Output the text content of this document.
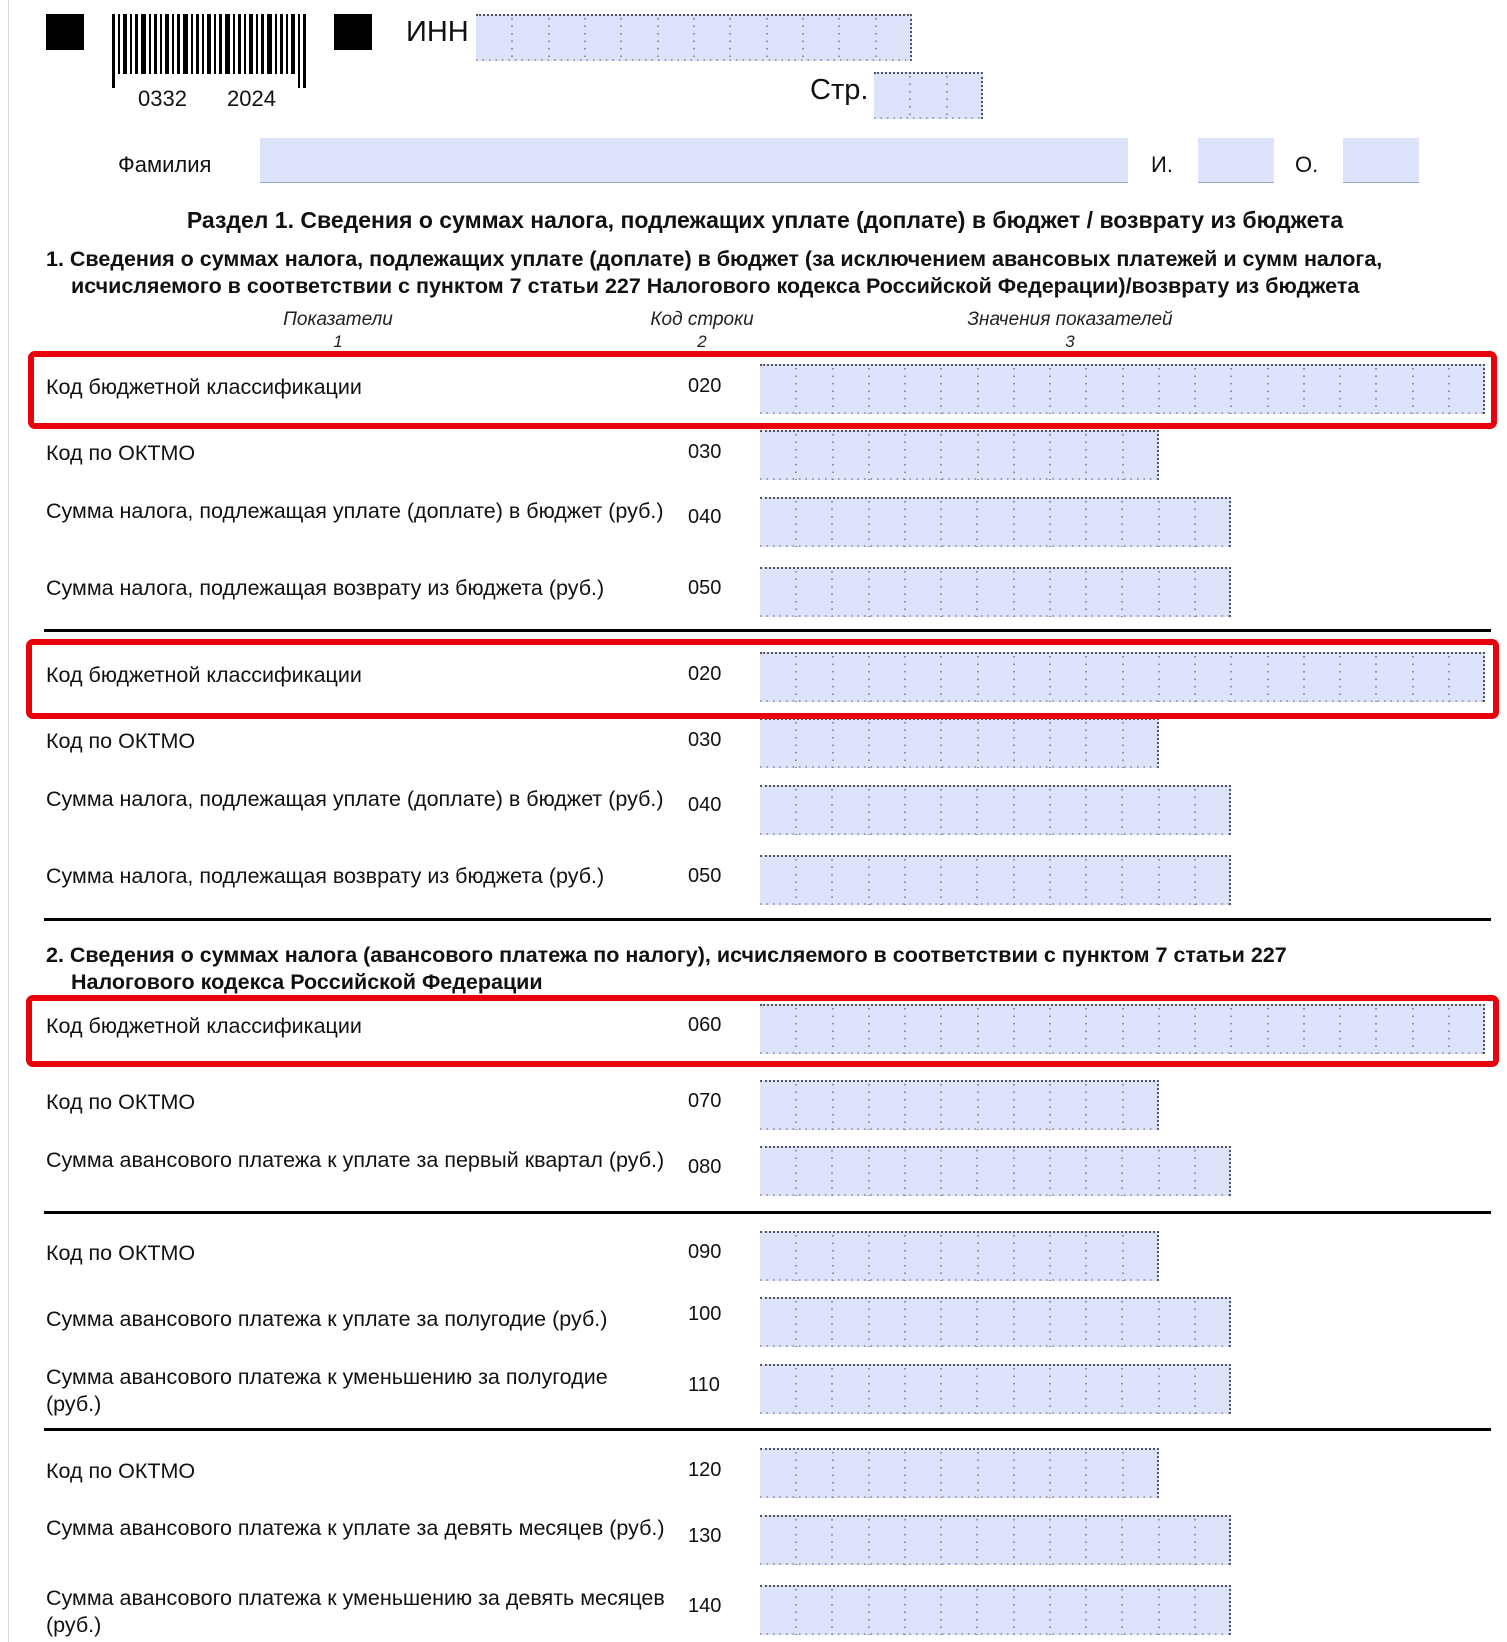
0332 2024
ИНН
Стр.
Фамилия	И.	О.
Раздел 1. Сведения о суммах налога, подлежащих уплате (доплате) в бюджет / возврату из бюджета
1. Сведения о суммах налога, подлежащих уплате (доплате) в бюджет (за исключением авансовых платежей и сумм налога,
исчисляемого в соответствии с пунктом 7 статьи 227 Налогового кодекса Российской Федерации)/возврату из бюджета
Показатели
1
Код строки
2
Значения показателей
3
Код бюджетной классификации	020
Код по ОКТМО	030
Сумма налога, подлежащая уплате (доплате) в бюджет (руб.) 040
Сумма налога, подлежащая возврату из бюджета (руб.)	050
Код бюджетной классификации	020
Код по ОКТМО	030
Сумма налога, подлежащая уплате (доплате) в бюджет (руб.) 040
Сумма налога, подлежащая возврату из бюджета (руб.)	050
2. Сведения о суммах налога (авансового платежа по налогу), исчисляемого в соответствии с пунктом 7 статьи 227
Налогового кодекса Российской Федерации
Код бюджетной классификации	060
Код по ОКТМО	070
Сумма авансового платежа к уплате за первый квартал (руб.) 080
Код по ОКТМО	090
Сумма авансового платежа к уплате за полугодие (руб.)	100
Сумма авансового платежа к уменьшению за полугодие (руб.)
110
Код по ОКТМО	120
Сумма авансового платежа к уплате за девять месяцев (руб.) 130
Сумма авансового платежа к уменьшению за девять месяцев (руб.)
140
